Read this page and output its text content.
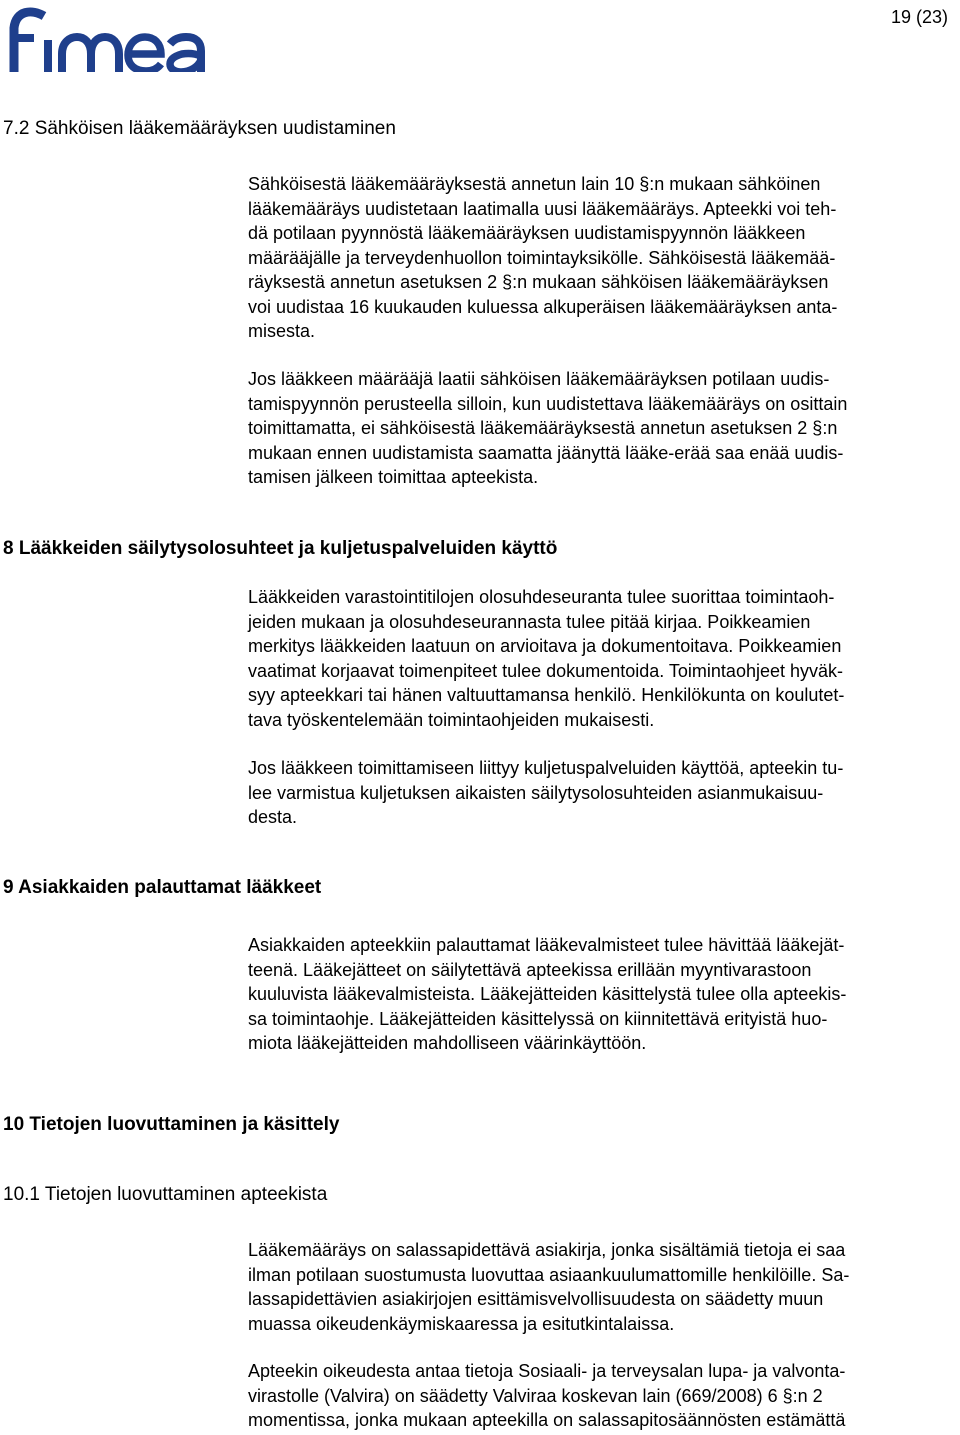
19 (23)
7.2 Sähköisen lääkemääräyksen uudistaminen
Sähköisestä lääkemääräyksestä annetun lain 10 §:n mukaan sähköinen
lääkemääräys uudistetaan laatimalla uusi lääkemääräys. Apteekki voi teh-
dä potilaan pyynnöstä lääkemääräyksen uudistamispyynnön lääkkeen
määrääjälle ja terveydenhuollon toimintayksikölle. Sähköisestä lääkemää-
räyksestä annetun asetuksen 2 §:n mukaan sähköisen lääkemääräyksen
voi uudistaa 16 kuukauden kuluessa alkuperäisen lääkemääräyksen anta-
misesta.
Jos lääkkeen määrääjä laatii sähköisen lääkemääräyksen potilaan uudis-
tamispyynnön perusteella silloin, kun uudistettava lääkemääräys on osittain
toimittamatta, ei sähköisestä lääkemääräyksestä annetun asetuksen 2 §:n
mukaan ennen uudistamista saamatta jäänyttä lääke-erää saa enää uudis-
tamisen jälkeen toimittaa apteekista.
8 Lääkkeiden säilytysolosuhteet ja kuljetuspalveluiden käyttö
Lääkkeiden varastointitilojen olosuhdeseuranta tulee suorittaa toimintaoh-
jeiden mukaan ja olosuhdeseurannasta tulee pitää kirjaa. Poikkeamien
merkitys lääkkeiden laatuun on arvioitava ja dokumentoitava. Poikkeamien
vaatimat korjaavat toimenpiteet tulee dokumentoida. Toimintaohjeet hyväk-
syy apteekkari tai hänen valtuuttamansa henkilö. Henkilökunta on koulutet-
tava työskentelemään toimintaohjeiden mukaisesti.
Jos lääkkeen toimittamiseen liittyy kuljetuspalveluiden käyttöä, apteekin tu-
lee varmistua kuljetuksen aikaisten säilytysolosuhteiden asianmukaisuu-
desta.
9 Asiakkaiden palauttamat lääkkeet
Asiakkaiden apteekkiin palauttamat lääkevalmisteet tulee hävittää lääkejät-
teenä. Lääkejätteet on säilytettävä apteekissa erillään myyntivarastoon
kuuluvista lääkevalmisteista. Lääkejätteiden käsittelystä tulee olla apteekis-
sa toimintaohje. Lääkejätteiden käsittelyssä on kiinnitettävä erityistä huo-
miota lääkejätteiden mahdolliseen väärinkäyttöön.
10 Tietojen luovuttaminen ja käsittely
10.1 Tietojen luovuttaminen apteekista
Lääkemääräys on salassapidettävä asiakirja, jonka sisältämiä tietoja ei saa
ilman potilaan suostumusta luovuttaa asiaankuulumattomille henkilöille. Sa-
lassapidettävien asiakirjojen esittämisvelvollisuudesta on säädetty muun
muassa oikeudenkäymiskaaressa ja esitutkintalaissa.
Apteekin oikeudesta antaa tietoja Sosiaali- ja terveysalan lupa- ja valvonta-
virastolle (Valvira) on säädetty Valviraa koskevan lain (669/2008) 6 §:n 2
momentissa, jonka mukaan apteekilla on salassapitosäännösten estämättä
